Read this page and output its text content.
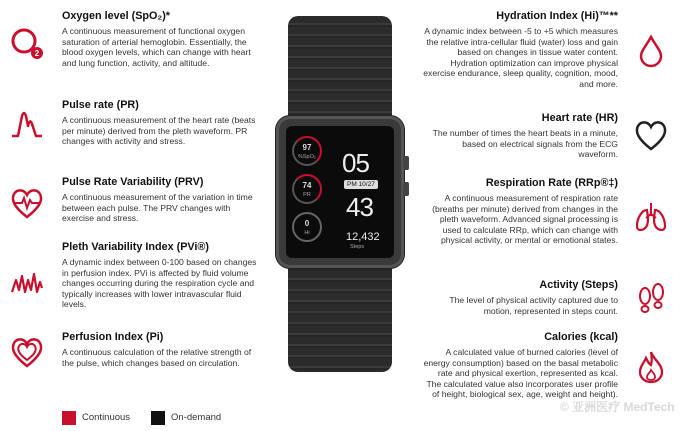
2
Oxygen level (SpO₂)*
A continuous measurement of functional oxygen saturation of arterial hemoglobin. Essentially, the blood oxygen levels, which can change with heart and lung function, activity, and altitude.
Pulse rate (PR)
A continuous measurement of the heart rate (beats per minute) derived from the pleth waveform. PR changes with activity and stress.
Pulse Rate Variability (PRV)
A continuous measurement of the variation in time between each pulse. The PRV changes with exercise and stress.
Pleth Variability Index (PVi®)
A dynamic index between 0-100 based on changes in perfusion index. PVi is affected by fluid volume changes occurring during the respiration cycle and typically increases with lower intravascular fluid levels.
Perfusion Index (Pi)
A continuous calculation of the relative strength of the pulse, which changes based on circulation.
Hydration Index (Hi)™**
A dynamic index between -5 to +5 which measures the relative intra-cellular fluid (water) loss and gain based on changes in tissue water content. Hydration optimization can improve physical exercise endurance, sleep quality, cognition, mood, and more.
Heart rate (HR)
The number of times the heart beats in a minute, based on electrical signals from the ECG waveform.
Respiration Rate (RRp®‡)
A continuous measurement of respiration rate (breaths per minute) derived from changes in the pleth waveform. Advanced signal processing is used to calculate RRp, which can change with physical activity, or mental or emotional states.
Activity (Steps)
The level of physical activity captured due to motion, represented in steps count.
Calories (kcal)
A calculated value of burned calories (level of energy consumption) based on the basal metabolic rate and physical exertion, represented as kcal. The calculated value also incorporates user profile of height, biological sex, age, weight and height).
97
%SpO₂
74
PR
0
Hi
05
PM 10/27
43
12,432
Steps
Continuous	On-demand
© 亚洲医疗 MedTech
